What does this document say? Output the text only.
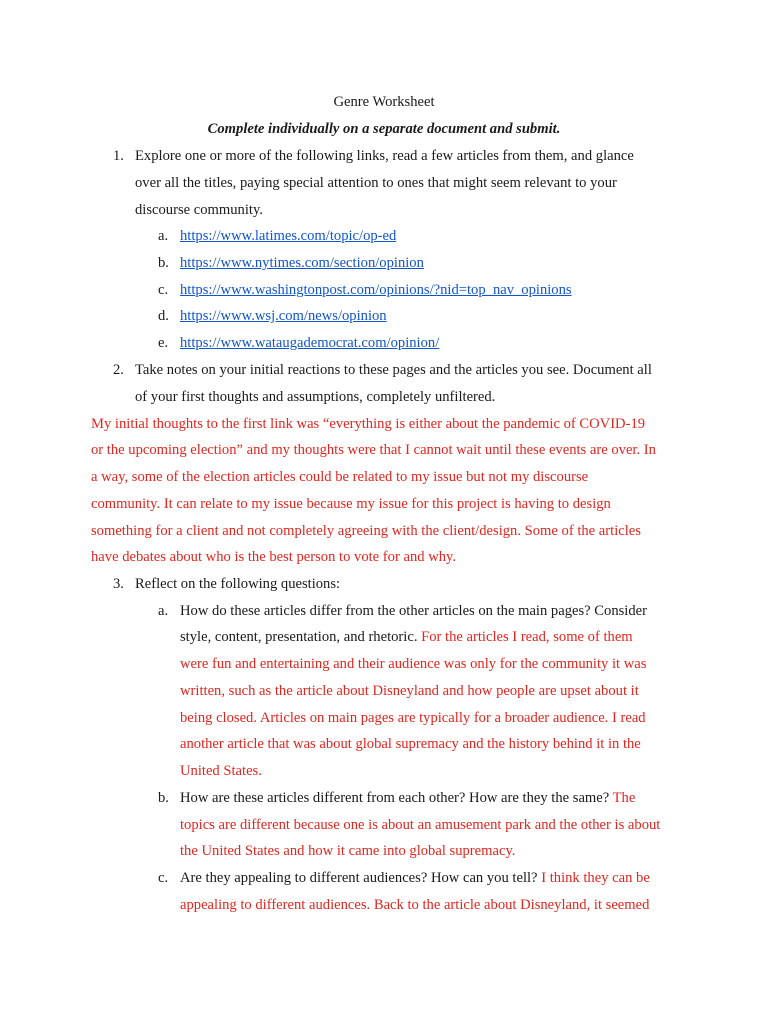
Genre Worksheet
Complete individually on a separate document and submit.
1. Explore one or more of the following links, read a few articles from them, and glance
over all the titles, paying special attention to ones that might seem relevant to your
discourse community.
a. https://www.latimes.com/topic/op-ed
b. https://www.nytimes.com/section/opinion
c. https://www.washingtonpost.com/opinions/?nid=top_nav_opinions
d. https://www.wsj.com/news/opinion
e. https://www.wataugademocrat.com/opinion/
2. Take notes on your initial reactions to these pages and the articles you see. Document all
of your first thoughts and assumptions, completely unfiltered.
My initial thoughts to the first link was “everything is either about the pandemic of COVID-19
or the upcoming election” and my thoughts were that I cannot wait until these events are over. In
a way, some of the election articles could be related to my issue but not my discourse
community. It can relate to my issue because my issue for this project is having to design
something for a client and not completely agreeing with the client/design. Some of the articles
have debates about who is the best person to vote for and why.
3. Reflect on the following questions:
a. How do these articles differ from the other articles on the main pages? Consider
style, content, presentation, and rhetoric. For the articles I read, some of them
were fun and entertaining and their audience was only for the community it was
written, such as the article about Disneyland and how people are upset about it
being closed. Articles on main pages are typically for a broader audience. I read
another article that was about global supremacy and the history behind it in the
United States.
b. How are these articles different from each other? How are they the same? The
topics are different because one is about an amusement park and the other is about
the United States and how it came into global supremacy.
c. Are they appealing to different audiences? How can you tell? I think they can be
appealing to different audiences. Back to the article about Disneyland, it seemed
